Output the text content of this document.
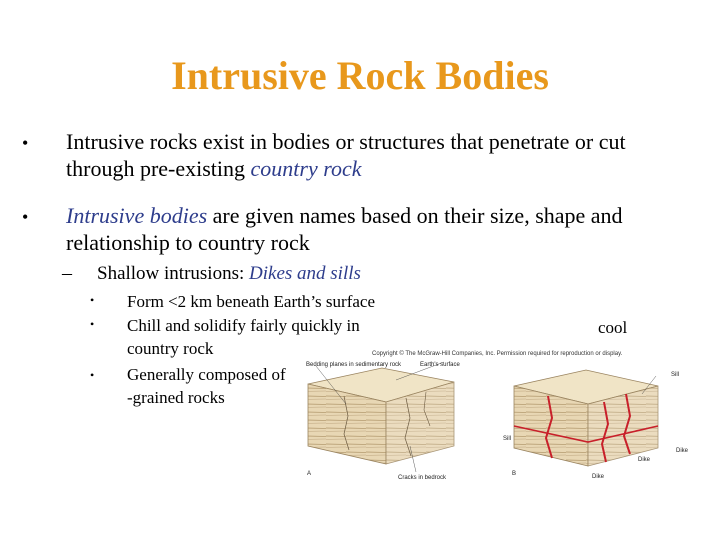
Intrusive Rock Bodies
• Intrusive rocks exist in bodies or structures that penetrate or cut through pre-existing country rock
• Intrusive bodies are given names based on their size, shape and relationship to country rock
– Shallow intrusions: Dikes and sills
• Form <2 km beneath Earth’s surface
• Chill and solidify fairly quickly in
country rock
• Generally composed of
-grained rocks
cool
Copyright © The McGraw-Hill Companies, Inc. Permission required for reproduction or display.
Bedding planes in sedimentary rock	Earth's surface
Cracks in bedrock
A	B
Sill
Sill
Dike
Dike
Dike
